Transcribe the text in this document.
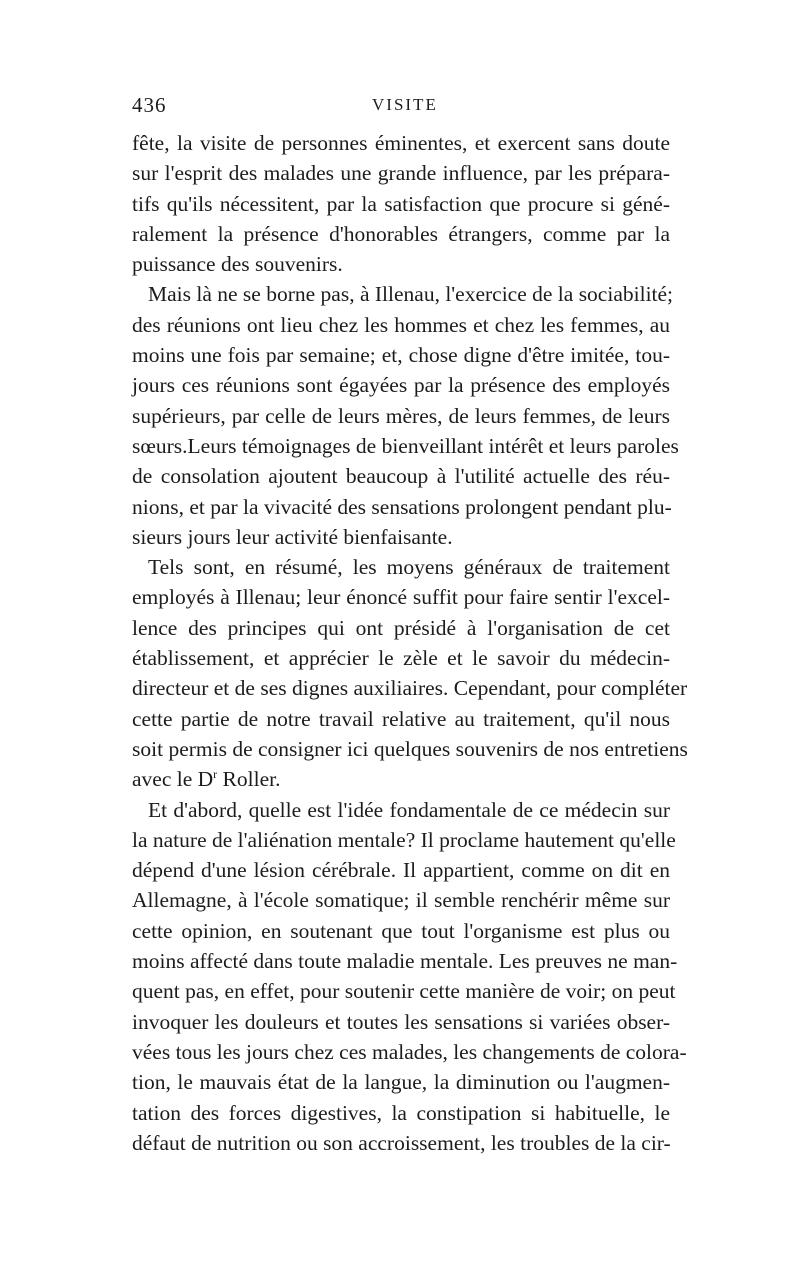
436	VISITE
fête, la visite de personnes éminentes, et exercent sans doute
sur l'esprit des malades une grande influence, par les prépara-
tifs qu'ils nécessitent, par la satisfaction que procure si géné-
ralement la présence d'honorables étrangers, comme par la
puissance des souvenirs.
Mais là ne se borne pas, à Illenau, l'exercice de la sociabilité;
des réunions ont lieu chez les hommes et chez les femmes, au
moins une fois par semaine; et, chose digne d'être imitée, tou-
jours ces réunions sont égayées par la présence des employés
supérieurs, par celle de leurs mères, de leurs femmes, de leurs
sœurs.Leurs témoignages de bienveillant intérêt et leurs paroles
de consolation ajoutent beaucoup à l'utilité actuelle des réu-
nions, et par la vivacité des sensations prolongent pendant plu-
sieurs jours leur activité bienfaisante.
Tels sont, en résumé, les moyens généraux de traitement
employés à Illenau; leur énoncé suffit pour faire sentir l'excel-
lence des principes qui ont présidé à l'organisation de cet
établissement, et apprécier le zèle et le savoir du médecin-
directeur et de ses dignes auxiliaires. Cependant, pour compléter
cette partie de notre travail relative au traitement, qu'il nous
soit permis de consigner ici quelques souvenirs de nos entretiens
avec le $D^r$ Roller.
Et d'abord, quelle est l'idée fondamentale de ce médecin sur
la nature de l'aliénation mentale? Il proclame hautement qu'elle
dépend d'une lésion cérébrale. Il appartient, comme on dit en
Allemagne, à l'école somatique; il semble renchérir même sur
cette opinion, en soutenant que tout l'organisme est plus ou
moins affecté dans toute maladie mentale. Les preuves ne man-
quent pas, en effet, pour soutenir cette manière de voir; on peut
invoquer les douleurs et toutes les sensations si variées obser-
vées tous les jours chez ces malades, les changements de colora-
tion, le mauvais état de la langue, la diminution ou l'augmen-
tation des forces digestives, la constipation si habituelle, le
défaut de nutrition ou son accroissement, les troubles de la cir-
